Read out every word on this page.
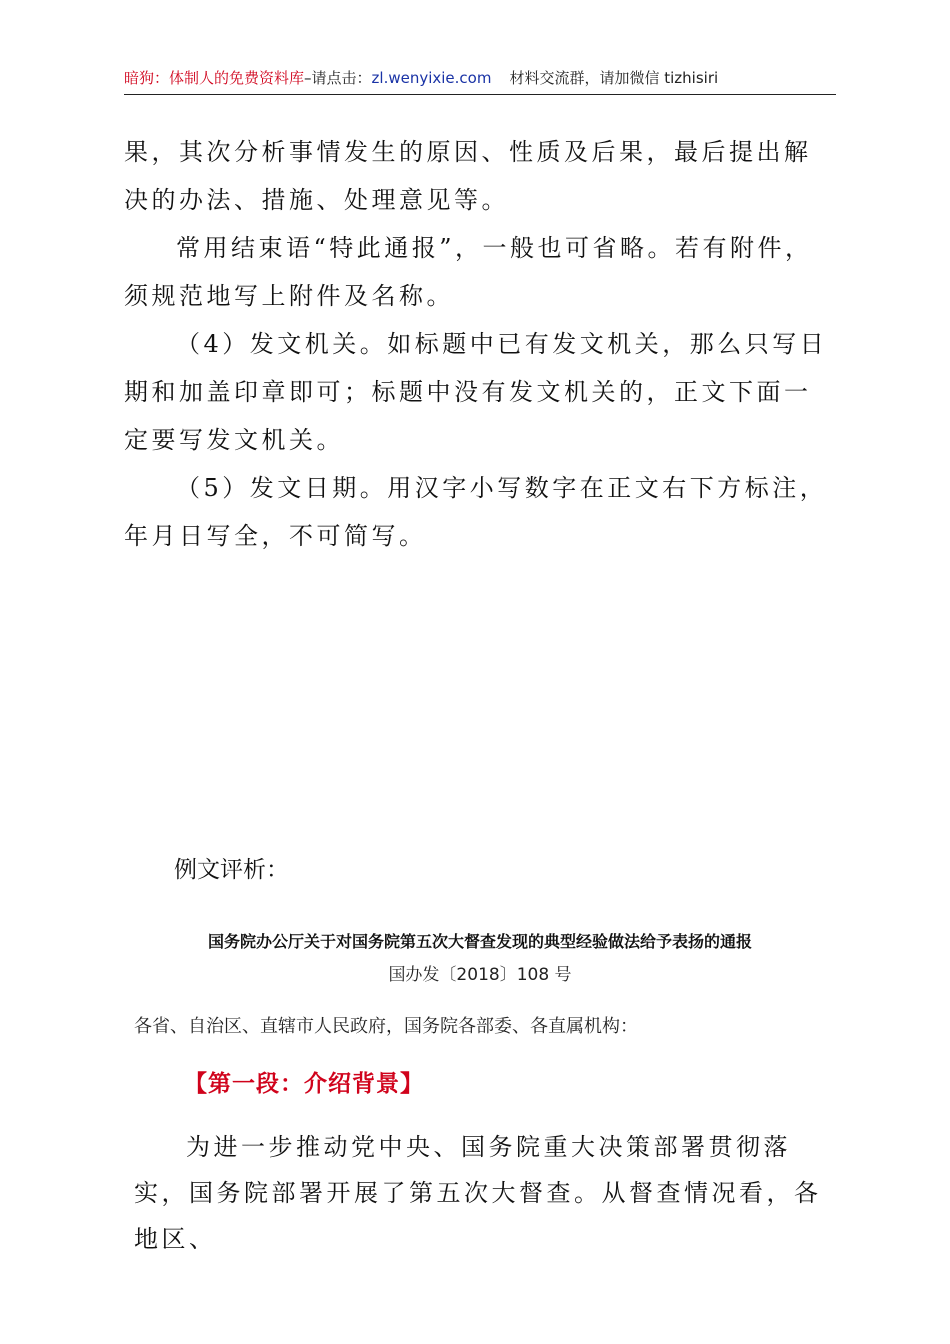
暗狗：体制人的免费资料库–请点击：zl.wenyixie.com 材料交流群，请加微信 tizhisiri

果，其次分析事情发生的原因、性质及后果，最后提出解决的办法、措施、处理意见等。

常用结束语“特此通报”，一般也可省略。若有附件，须规范地写上附件及名称。

（4）发文机关。如标题中已有发文机关，那么只写日期和加盖印章即可；标题中没有发文机关的，正文下面一定要写发文机关。

（5）发文日期。用汉字小写数字在正文右下方标注，年月日写全，不可简写。

例文评析：
国务院办公厅关于对国务院第五次大督查发现的典型经验做法给予表扬的通报
国办发〔2018〕108 号
各省、自治区、直辖市人民政府，国务院各部委、各直属机构：
【第一段：介绍背景】

为进一步推动党中央、国务院重大决策部署贯彻落实，国务院部署开展了第五次大督查。从督查情况看，各地区、
